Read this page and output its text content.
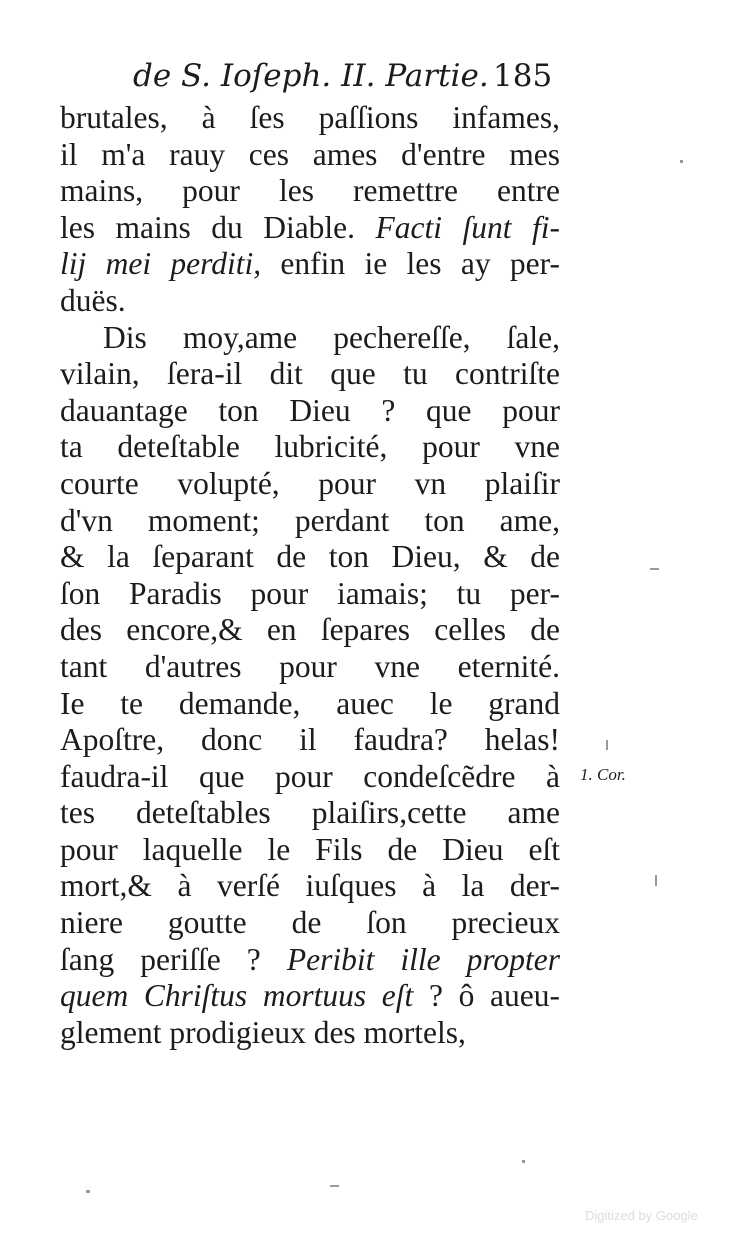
de S. Ioſeph. II. Partie. 185
brutales, à ſes paſſions infames,
il m'a rauy ces ames d'entre mes
mains, pour les remettre entre
les mains du Diable. Facti ſunt fi-
lij mei perditi, enfin ie les ay per-
duës.
Dis moy,ame pechereſſe, ſale,
vilain, ſera-il dit que tu contriſte
dauantage ton Dieu ? que pour
ta deteſtable lubricité, pour vne
courte volupté, pour vn plaiſir
d'vn moment; perdant ton ame,
& la ſeparant de ton Dieu, & de
ſon Paradis pour iamais; tu per-
des encore,& en ſepares celles de
tant d'autres pour vne eternité.
Ie te demande, auec le grand
Apoſtre, donc il faudra? helas!
faudra-il que pour condeſcẽdre à
tes deteſtables plaiſirs,cette ame
pour laquelle le Fils de Dieu eſt
mort,& à verſé iuſques à la der-
niere goutte de ſon precieux
ſang periſſe ? Peribit ille propter
quem Chriſtus mortuus eſt ? ô aueu-
glement prodigieux des mortels,
1. Cor.
Digitized by Google
